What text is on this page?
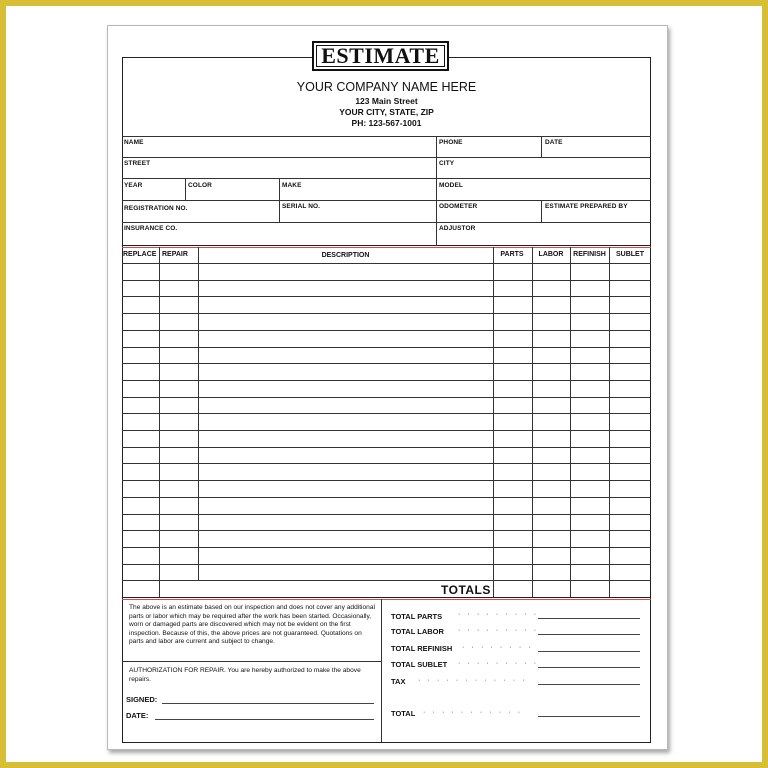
ESTIMATE
YOUR COMPANY NAME HERE
123 Main Street
YOUR CITY, STATE, ZIP
PH: 123-567-1001
NAME	PHONE	DATE
STREET	CITY
YEAR	COLOR	MAKE	MODEL
REGISTRATION NO.	SERIAL NO.	ODOMETER	ESTIMATE PREPARED BY
INSURANCE CO.	ADJUSTOR
REPLACE REPAIR	DESCRIPTION	PARTS	LABOR	REFINISH	SUBLET
TOTALS
The above is an estimate based on our inspection and does not cover any additional parts or labor which may be required after the work has been started. Occasionally, worn or damaged parts are discovered which may not be evident on the first inspection. Because of this, the above prices are not guaranteed. Quotations on parts and labor are current and subject to change.
AUTHORIZATION FOR REPAIR. You are hereby authorized to make the above repairs.
SIGNED:
DATE:
TOTAL PARTS · · · · · · · · ·
TOTAL LABOR · · · · · · · · ·
TOTAL REFINISH · · · · · · · ·
TOTAL SUBLET · · · · · · · · ·
TAX · · · · · · · · · · · ·
TOTAL · · · · · · · · · · ·
